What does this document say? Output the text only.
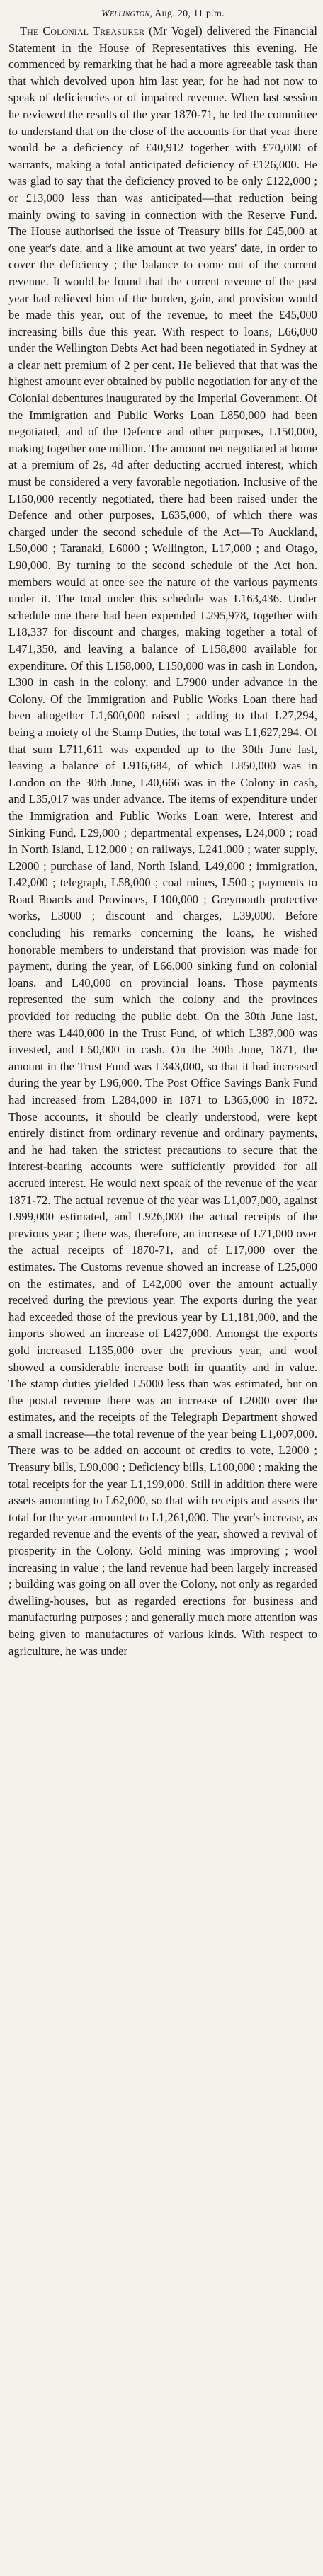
Wellington, Aug. 20, 11 p.m.
The Colonial Treasurer (Mr Vogel) delivered the Financial Statement in the House of Representatives this evening. He commenced by remarking that he had a more agreeable task than that which devolved upon him last year, for he had not now to speak of deficiencies or of impaired revenue. When last session he reviewed the results of the year 1870-71, he led the committee to understand that on the close of the accounts for that year there would be a deficiency of £40,912 together with £70,000 of warrants, making a total anticipated deficiency of £126,000. He was glad to say that the deficiency proved to be only £122,000 ; or £13,000 less than was anticipated—that reduction being mainly owing to saving in connection with the Reserve Fund. The House authorised the issue of Treasury bills for £45,000 at one year's date, and a like amount at two years' date, in order to cover the deficiency ; the balance to come out of the current revenue. It would be found that the current revenue of the past year had relieved him of the burden, gain, and provision would be made this year, out of the revenue, to meet the £45,000 increasing bills due this year. With respect to loans, L66,000 under the Wellington Debts Act had been negotiated in Sydney at a clear nett premium of 2 per cent. He believed that that was the highest amount ever obtained by public negotiation for any of the Colonial debentures inaugurated by the Imperial Government. Of the Immigration and Public Works Loan L850,000 had been negotiated, and of the Defence and other purposes, L150,000, making together one million. The amount net negotiated at home at a premium of 2s, 4d after deducting accrued interest, which must be considered a very favorable negotiation. Inclusive of the L150,000 recently negotiated, there had been raised under the Defence and other purposes, L635,000, of which there was charged under the second schedule of the Act—To Auckland, L50,000 ; Taranaki, L6000 ; Wellington, L17,000 ; and Otago, L90,000. By turning to the second schedule of the Act hon. members would at once see the nature of the various payments under it. The total under this schedule was L163,436. Under schedule one there had been expended L295,978, together with L18,337 for discount and charges, making together a total of L471,350, and leaving a balance of L158,800 available for expenditure. Of this L158,000, L150,000 was in cash in London, L300 in cash in the colony, and L7900 under advance in the Colony. Of the Immigration and Public Works Loan there had been altogether L1,600,000 raised ; adding to that L27,294, being a moiety of the Stamp Duties, the total was L1,627,294. Of that sum L711,611 was expended up to the 30th June last, leaving a balance of L916,684, of which L850,000 was in London on the 30th June, L40,666 was in the Colony in cash, and L35,017 was under advance. The items of expenditure under the Immigration and Public Works Loan were, Interest and Sinking Fund, L29,000 ; departmental expenses, L24,000 ; road in North Island, L12,000 ; on railways, L241,000 ; water supply, L2000 ; purchase of land, North Island, L49,000 ; immigration, L42,000 ; telegraph, L58,000 ; coal mines, L500 ; payments to Road Boards and Provinces, L100,000 ; Greymouth protective works, L3000 ; discount and charges, L39,000. Before concluding his remarks concerning the loans, he wished honorable members to understand that provision was made for payment, during the year, of L66,000 sinking fund on colonial loans, and L40,000 on provincial loans. Those payments represented the sum which the colony and the provinces provided for reducing the public debt. On the 30th June last, there was L440,000 in the Trust Fund, of which L387,000 was invested, and L50,000 in cash. On the 30th June, 1871, the amount in the Trust Fund was L343,000, so that it had increased during the year by L96,000. The Post Office Savings Bank Fund had increased from L284,000 in 1871 to L365,000 in 1872. Those accounts, it should be clearly understood, were kept entirely distinct from ordinary revenue and ordinary payments, and he had taken the strictest precautions to secure that the interest-bearing accounts were sufficiently provided for all accrued interest. He would next speak of the revenue of the year 1871-72. The actual revenue of the year was L1,007,000, against L999,000 estimated, and L926,000 the actual receipts of the previous year ; there was, therefore, an increase of L71,000 over the actual receipts of 1870-71, and of L17,000 over the estimates. The Customs revenue showed an increase of L25,000 on the estimates, and of L42,000 over the amount actually received during the previous year. The exports during the year had exceeded those of the previous year by L1,181,000, and the imports showed an increase of L427,000. Amongst the exports gold increased L135,000 over the previous year, and wool showed a considerable increase both in quantity and in value. The stamp duties yielded L5000 less than was estimated, but on the postal revenue there was an increase of L2000 over the estimates, and the receipts of the Telegraph Department showed a small increase—the total revenue of the year being L1,007,000. There was to be added on account of credits to vote, L2000 ; Treasury bills, L90,000 ; Deficiency bills, L100,000 ; making the total receipts for the year L1,199,000. Still in addition there were assets amounting to L62,000, so that with receipts and assets the total for the year amounted to L1,261,000. The year's increase, as regarded revenue and the events of the year, showed a revival of prosperity in the Colony. Gold mining was improving ; wool increasing in value ; the land revenue had been largely increased ; building was going on all over the Colony, not only as regarded dwelling-houses, but as regarded erections for business and manufacturing purposes ; and generally much more attention was being given to manufactures of various kinds. With respect to agriculture, he was under
